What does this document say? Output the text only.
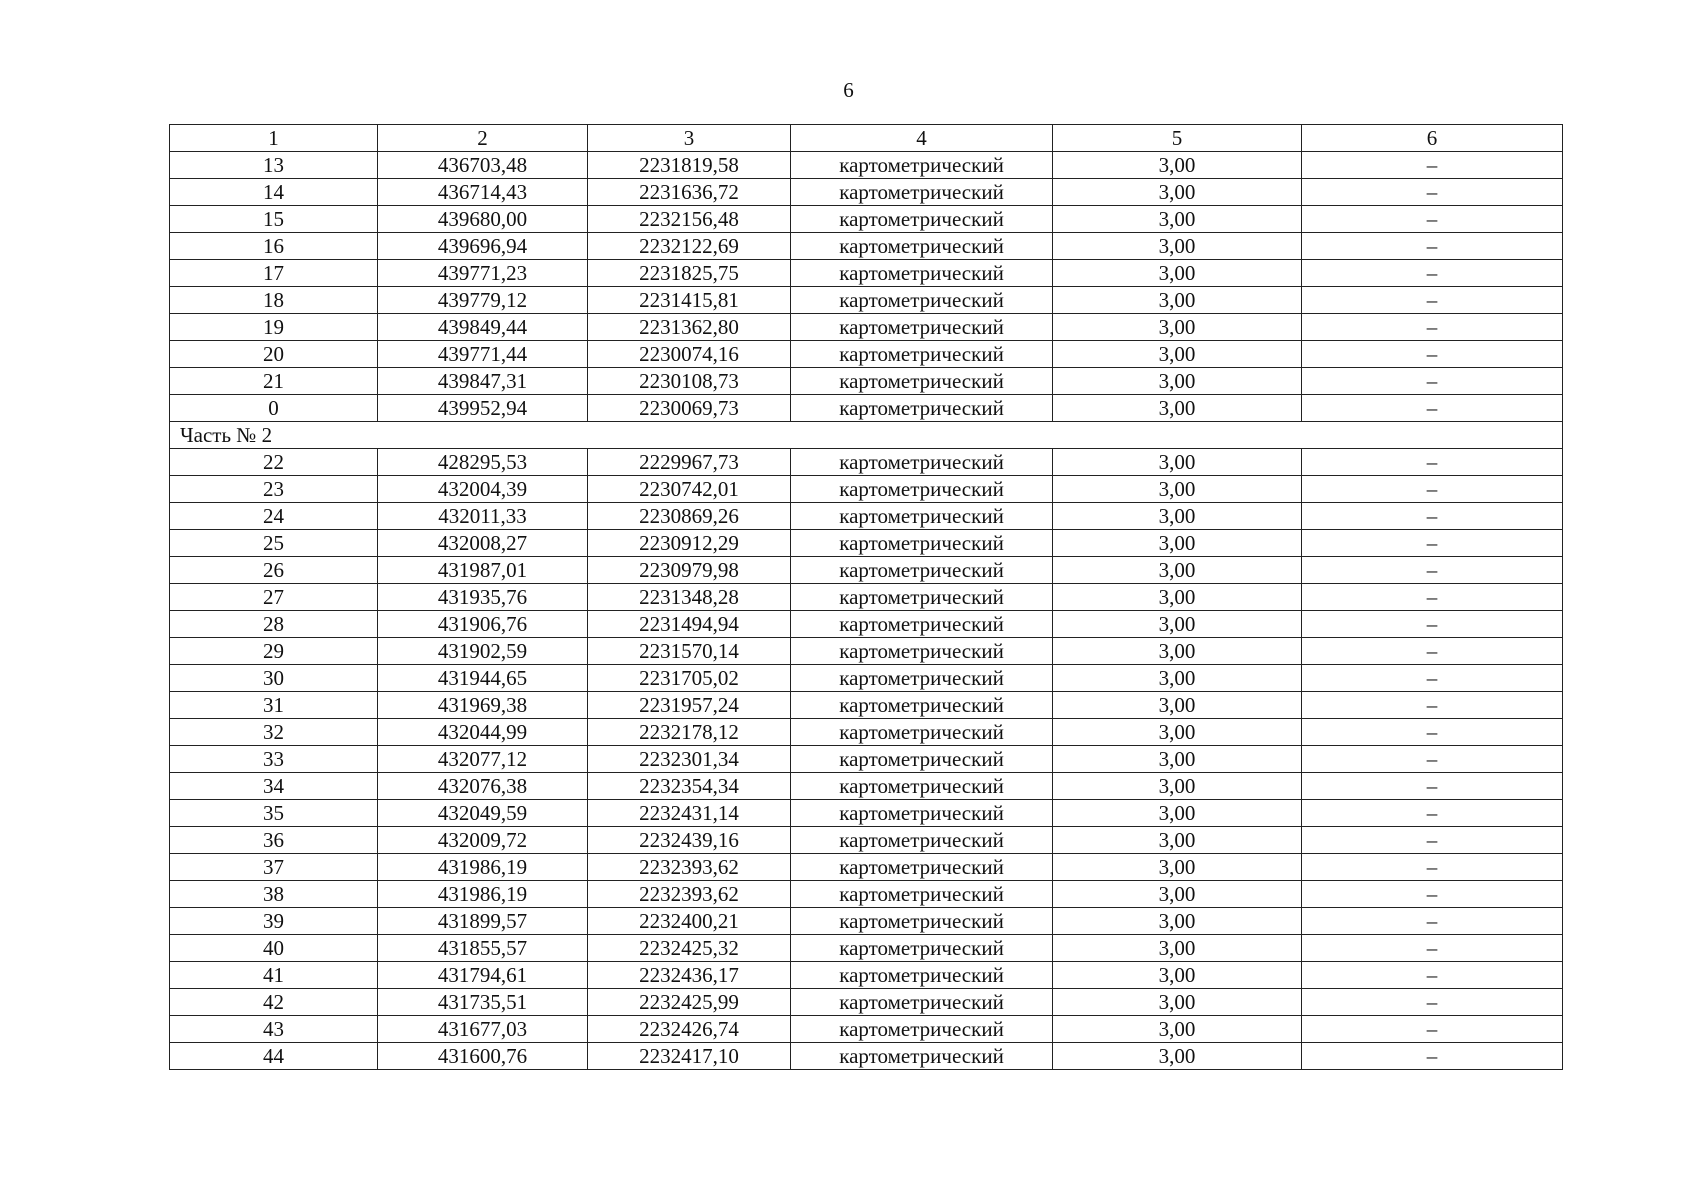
6
1	2	3	4	5	6
13	436703,48	2231819,58	картометрический	3,00	–
14	436714,43	2231636,72	картометрический	3,00	–
15	439680,00	2232156,48	картометрический	3,00	–
16	439696,94	2232122,69	картометрический	3,00	–
17	439771,23	2231825,75	картометрический	3,00	–
18	439779,12	2231415,81	картометрический	3,00	–
19	439849,44	2231362,80	картометрический	3,00	–
20	439771,44	2230074,16	картометрический	3,00	–
21	439847,31	2230108,73	картометрический	3,00	–
0	439952,94	2230069,73	картометрический	3,00	–
Часть № 2					
22	428295,53	2229967,73	картометрический	3,00	–
23	432004,39	2230742,01	картометрический	3,00	–
24	432011,33	2230869,26	картометрический	3,00	–
25	432008,27	2230912,29	картометрический	3,00	–
26	431987,01	2230979,98	картометрический	3,00	–
27	431935,76	2231348,28	картометрический	3,00	–
28	431906,76	2231494,94	картометрический	3,00	–
29	431902,59	2231570,14	картометрический	3,00	–
30	431944,65	2231705,02	картометрический	3,00	–
31	431969,38	2231957,24	картометрический	3,00	–
32	432044,99	2232178,12	картометрический	3,00	–
33	432077,12	2232301,34	картометрический	3,00	–
34	432076,38	2232354,34	картометрический	3,00	–
35	432049,59	2232431,14	картометрический	3,00	–
36	432009,72	2232439,16	картометрический	3,00	–
37	431986,19	2232393,62	картометрический	3,00	–
38	431986,19	2232393,62	картометрический	3,00	–
39	431899,57	2232400,21	картометрический	3,00	–
40	431855,57	2232425,32	картометрический	3,00	–
41	431794,61	2232436,17	картометрический	3,00	–
42	431735,51	2232425,99	картометрический	3,00	–
43	431677,03	2232426,74	картометрический	3,00	–
44	431600,76	2232417,10	картометрический	3,00	–
